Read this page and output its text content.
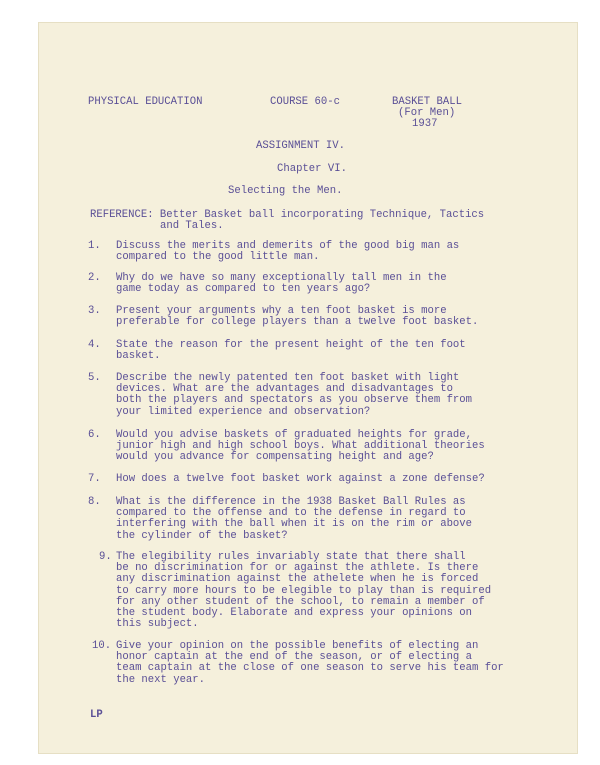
PHYSICAL EDUCATION	COURSE 60-c	BASKET BALL
(For Men)
1937
ASSIGNMENT IV.
Chapter VI.
Selecting the Men.
REFERENCE: Better Basket ball incorporating Technique, Tactics
and Tales.
1. Discuss the merits and demerits of the good big man as
compared to the good little man.
2. Why do we have so many exceptionally tall men in the
game today as compared to ten years ago?
3. Present your arguments why a ten foot basket is more
preferable for college players than a twelve foot basket.
4. State the reason for the present height of the ten foot
basket.
5. Describe the newly patented ten foot basket with light
devices. What are the advantages and disadvantages to
both the players and spectators as you observe them from
your limited experience and observation?
6. Would you advise baskets of graduated heights for grade,
junior high and high school boys. What additional theories
would you advance for compensating height and age?
7. How does a twelve foot basket work against a zone defense?
8. What is the difference in the 1938 Basket Ball Rules as
compared to the offense and to the defense in regard to
interfering with the ball when it is on the rim or above
the cylinder of the basket?
9. The elegibility rules invariably state that there shall
be no discrimination for or against the athlete. Is there
any discrimination against the athelete when he is forced
to carry more hours to be elegible to play than is required
for any other student of the school, to remain a member of
the student body. Elaborate and express your opinions on
this subject.
10. Give your opinion on the possible benefits of electing an
honor captain at the end of the season, or of electing a
team captain at the close of one season to serve his team for
the next year.
LP
